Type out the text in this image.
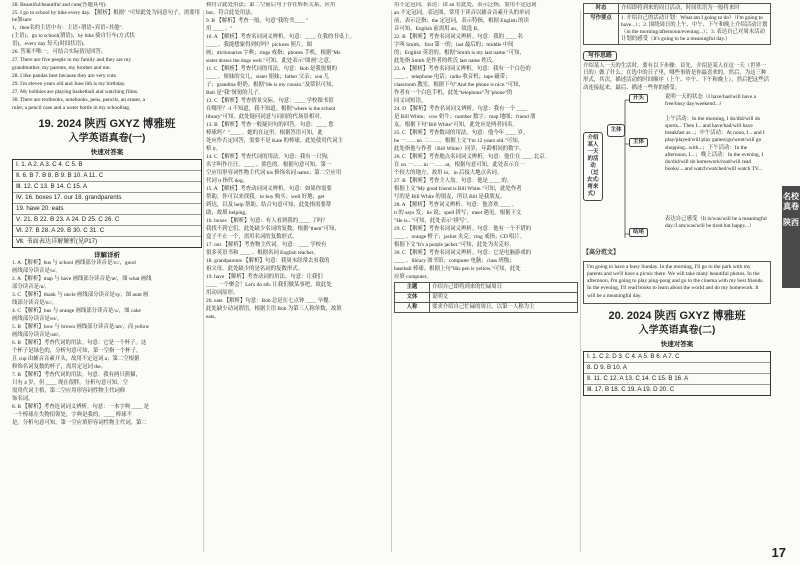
28. Beautiful/beautiful and cute(答题具句).

25. I go to school by bike every day. 【解析】根据" "可知此处为同意句子，需要用be加sure

1，then名的主语中有：主语+谓语+宾语+其他".

(主语)，go to school(谓语)，by bike 骑自行车(方式状

语)，every day 每天(时间状语)。

26. 答案不唯一，可结合实际情况回答。

27. There are five people in my family and they are my

grandmother, my parents, my brother and me.

28. I like pandas best because they are very cute.

29. I'm eleven years old and June 6th is my birthday.

27. My hobbies are playing basketball and watching films.

30. There are textbooks, notebooks, pens, pencils, an eraser, a

ruler, a pencil case and a water bottle in my schoolbag.

19. 2024 陕西 GXYZ 博雅班
入学英语真卷(一)
快速对答案
Ⅰ. 1. A 2. A 3. C 4. C 5. B
Ⅱ. 6. B 7. B 8. B 9. B 10. A 11. C
Ⅲ. 12. C 13. B 14. C 15. A
Ⅳ. 16. boxes 17. our 18. grandparents
19. have 20. eats
Ⅴ. 21. B 22. B 23. A 24. D 25. C 26. C
Ⅵ. 27. B 28. A 29. B 30. C 31. C
Ⅶ. 书面表达详解解析(见P17)
详解详析

1. A 【解析】bus 与 school 画线部分读音是/u:/，good

画线部分读音是/u/。

2. A 【解析】map 与 have 画线部分读音是/æ/，图 what 画线

部分读音是/ɒ/。

3. C 【解析】thank 与 uncle 画线部分读音是/ŋ/，图 aunt 画

线部分读音是/ɑ:/。

4. C 【解析】bus 与 orange 画线部分读音是/ʌ/，图 cake

画线部分读音是/eɪ/。

5. B 【解析】how 与 brown 画线部分读音是/aʊ/，而 yellow

画线部分读音是/əʊ/。

6. B 【解析】考查代词的用法。句意：它是一个杯子。这

个杯子是绿色的，分析句意可知，第一空指一个杯子，

且 cup 由辅音音素开头，故用不定冠词 a；第二空根据

修饰名词复数的杯子，需用定冠词 the。

7. B 【解析】考查代词的用法。句意：我有两只熊猫，

只有 4 岁，但 ____ 现在很胖。分析句意可知，空

需用代词主格，第二空应用形容词性物主代词修

饰名词。

8. B 【解析】考查连词词义辨析。句意：一本字典 ____ 是

一个棒球在失物招领处，字典是我的，____ 棒球不

是。分析句意可知，第一空应填形容词性物主代词，第二

和符合此处用法；第二空前后句子存在转折关系，应用

but。符合此处用法。

9. B 【解析】考查一般。句意"我的书____ "

用 ____ 。"

10. A 【解析】考查名词词义辨析。句意：____ 在我的书桌上。

____ 。我能想象得到好吗？pictures 照片，图

画；dictionaries 字典；rings 戒指；phones 手机。根据"Ms

sister draws the dogs well."可知，此处表示"图画"之意。

11. C 【解析】考查代词的用法。句意：Bob 是我舅舅的

____ 。姐妹的女儿，sister 姐妹；father 父亲；son 儿

子；grandma 奶奶。根据"He is my cousin."及常识可知，

Bob 是"我"舅舅的儿子。

12. C 【解析】考查情景交际。句意：____ 学校图书馆

在哪里？-I 不知道，我不知道。根据"where is the school

library"可知，此处疑问词意与词间的代场景相对。

13. B 【解析】考查一般疑问句的回答。句意：____ 您

棒球吗？"____ 。她的在这里。根据答语可知，此

处应作否定回答，需要不是 Kate 的棒球。此处使用代词主

格 it。

14. C 【解析】考查代词的用法。句意：我有一只狗，

名字叫作汪汪。____ 。熊色的。根据句意可知，第一

空应用形容词性物主代词 his 修饰名词 name；第二空应用

代词 it 指代 dog。

15. A 【解析】考查动词词义辨析。句意：如果你需要

帮助，你可以来找我。to buy 购买；well 好地；get

到达，以及 help 帮助。结合句意可知，此处指需要帮

助，故填 helping。

16. boxes 【解析】句意：有人看到我的 ____ 了吗？

我找不到它们。此处缺少名词的复数。根据"them"可知，

盒子不止一个，需用名词的复数形式。

17. our 【解析】考查物主代词。句意：____ 学校有

很多英语书和 ____ 。根据名词 English teacher。

18. grandparents 【解析】句意：我周末经常去看我的

祖父母。此处缺少的是名词的复数形式。

19. have 【解析】考查动词的用法。句意：让我们

____ 一个聚会！Let's do sth. 让我们做某事吧，故此处

用动词原形。

20. eats 【解析】句意：Bob 总是在七点钟 ____ 早餐。

此处缺少动词谓语，根据主语 Bob 为第三人称单数，故填

eats。

用不定冠词，表达：由 an 在此处，表示泛指，需用不定冠词

an 不定冠词，表达图，常用于读音以辅音音素开头的单词

前，表示泛指；the 定冠词，表示特指，根据 English 的读

音可知，English 前需用 an。故选 B。

22. B 【解析】考查名词词义辨析。句意：我的 ____ 名

字叫 Smith。first 第一的；last 最后的；middle 中间

的；English 英语的。根据"Smith is my last name."可知，

此处指 Smith 是作者的姓氏 last name 姓氏。

23. A 【解析】考查名词词义辨析。句意：我有一个白色的

____ 。telephone 电话；radio 收音机；tape 磁带；

classroom 教室。根据下句"And the phone is nice."可知，

作者有一个白色手机，此处"telephone"为"phone"的

同义词短语。

24. D 【解析】考查名词词义辨析。句意：我有一个 ____

是 Bill White。cow 奶牛；number 数字；map 地图；friend 朋

友。根据下句"Bill White"可知，此处应是两者同名。

25. C 【解析】考查数词的用法。句意：他今年 ____ 岁。

he 一……no 二……。根据上文"I'm 12 years old."可知，

此处指他与作者（Bill White）同岁，年龄相同的数字。

26. C 【解析】考查地点名词词义辨析。句意：他住在 ____ 北京。

在 on 一……in 一……at。根据句意可知，此处表示在一

个较大的地方，故用 in。in 后接大地点名词。

27. B 【解析】考查主人翁。句意：他是 ____ 的。

根据上文"My good friend is Bill White."可知，此处作者

写的是 Bill White 的朋友，所以 Bill 是我朋友。

28. A 【解析】考查词义辨析。句意：他喜欢 ____ 。

it 的 says 发；lie 说；spell 拼写；meet 遇见。根据下文

"He is..."可知，此处表示"拼写"。

29. C 【解析】考查名词词义辨析。句意：他有一个不错的

____ 。orange 橙子；jacket 夹克；ring 戒指；CD 唱片。

根据下文"It's a purple jacket."可知，此处为夹克衫。

30. C 【解析】考查名词词义辨析。句意：它是电脑游戏的

____ 。library 图书馆；computer 电脑；class 班级；

baseball 棒球。根据上句"His pen is yellow."可知，此处

应填 computer。

主题	介绍自己即将到来的忙碌周日
文体	说明文
人称	要求介绍自己忙碌的周日，以第一人称为主
时态	介绍即将到来的周日活动，时间状语为一般将来时
写作要点	1. 介绍自己的活动计划：What am I going to do?（I'm going to have...）；2. 围绕周日的上午、中午、下午和晚上介绍活动计划（in the morning/afternoon/evening...）；3. 表达自己对周末活动计划的感受（It's going to be a meaningful day.）
写作思路

介绍某人一天的生活时，要有以下步骤：首先，介绍是某人在这一天（世界一日的）做了什么。在选中的日子里，哪些事情是你最喜欢的。然后，为这三种形式，其次，描述活动的时间顺序（上午、中午、下午和晚上），然后把这些活动连接起来，最后，描述一些你的感受。

介绍某人一天的活动（过去式/将来式）
主体
开头	说明一天的状态（I have/had/will have a free/busy day/weekend...）
主体
上午活动：In the morning, I do/did/will do sports... Then I... and have/had/will have breakfast at...；中午活动：At noon, I... and I play/played/will play games/go/went/will go shopping...with...；下午活动：In the afternoon, I... ；晚上活动：In the evening, I do/did/will do homework/read/will read books/... and watch/watched/will watch TV...
结尾
表达自己感受（It is/was/will be a meaningful day./I am/was/will be tired but happy...）
【高分范文】

I'm going to have a busy Sunday. In the morning, I'll go to the park with my parents and we'll have a picnic there. We will take many beautiful photos. In the afternoon, I'm going to play ping-pong and go to the cinema with my best friends. In the evening, I'll read books to learn about the world and do my homework. It will be a meaningful day.

20. 2024 陕西 GXYZ 博雅班
入学英语真卷(二)
快速对答案
Ⅰ. 1. C 2. D 3. C 4. A 5. B 6. A 7. C
8. D 9. B 10. A
Ⅱ. 11. C 12. A 13. C 14. C 15. B 16. A
Ⅲ. 17. B 18. C 19. A 19. D 20. C
名校真卷
陕西
17
